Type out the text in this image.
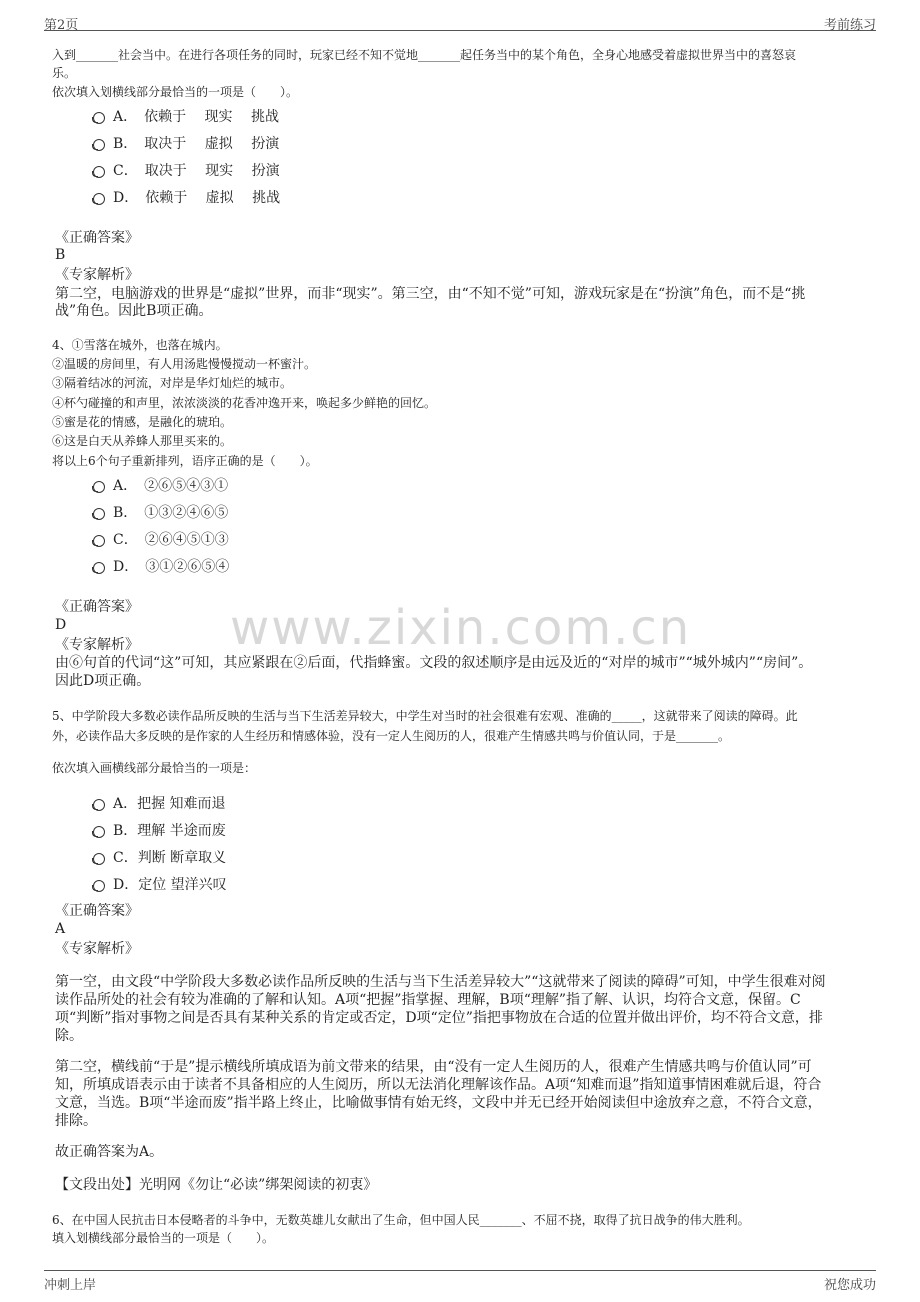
第2页	考前练习
www.zixin.com.cn
入到_______社会当中。在进行各项任务的同时，玩家已经不知不觉地_______起任务当中的某个角色，全身心地感受着虚拟世界当中的喜怒哀
乐。
依次填入划横线部分最恰当的一项是（　　）。
A．　依赖于　 现实　 挑战
B．　取决于　 虚拟　 扮演
C．　取决于　 现实　 扮演
D．　依赖于　 虚拟　 挑战
《正确答案》
B
《专家解析》
第二空，电脑游戏的世界是“虚拟”世界，而非“现实”。第三空，由“不知不觉”可知，游戏玩家是在“扮演”角色，而不是“挑
战”角色。因此B项正确。
4、①雪落在城外，也落在城内。
②温暖的房间里，有人用汤匙慢慢搅动一杯蜜汁。
③隔着结冰的河流，对岸是华灯灿烂的城市。
④杯勺碰撞的和声里，浓浓淡淡的花香冲逸开来，唤起多少鲜艳的回忆。
⑤蜜是花的情感，是融化的琥珀。
⑥这是白天从养蜂人那里买来的。
将以上6个句子重新排列，语序正确的是（　　）。
A．　②⑥⑤④③①
B．　①③②④⑥⑤
C．　②⑥④⑤①③
D．　③①②⑥⑤④
《正确答案》
D
《专家解析》
由⑥句首的代词“这”可知，其应紧跟在②后面，代指蜂蜜。文段的叙述顺序是由远及近的“对岸的城市”“城外城内”“房间”。
因此D项正确。
5、中学阶段大多数必读作品所反映的生活与当下生活差异较大，中学生对当时的社会很难有宏观、准确的_____，这就带来了阅读的障碍。此
外，必读作品大多反映的是作家的人生经历和情感体验，没有一定人生阅历的人，很难产生情感共鸣与价值认同，于是_______。
依次填入画横线部分最恰当的一项是：
A．把握 知难而退
B．理解 半途而废
C．判断 断章取义
D．定位 望洋兴叹
《正确答案》
A
《专家解析》
第一空，由文段“中学阶段大多数必读作品所反映的生活与当下生活差异较大”“这就带来了阅读的障碍”可知，中学生很难对阅
读作品所处的社会有较为准确的了解和认知。A项“把握”指掌握、理解，B项“理解”指了解、认识，均符合文意，保留。C
项“判断”指对事物之间是否具有某种关系的肯定或否定，D项“定位”指把事物放在合适的位置并做出评价，均不符合文意，排
除。
第二空，横线前“于是”提示横线所填成语为前文带来的结果，由“没有一定人生阅历的人，很难产生情感共鸣与价值认同”可
知，所填成语表示由于读者不具备相应的人生阅历，所以无法消化理解该作品。A项“知难而退”指知道事情困难就后退，符合
文意，当选。B项“半途而废”指半路上终止，比喻做事情有始无终，文段中并无已经开始阅读但中途放弃之意，不符合文意，
排除。
故正确答案为A。
【文段出处】光明网《勿让“必读”绑架阅读的初衷》
6、在中国人民抗击日本侵略者的斗争中，无数英雄儿女献出了生命，但中国人民_______、不屈不挠，取得了抗日战争的伟大胜利。
填入划横线部分最恰当的一项是（　　）。
冲刺上岸	祝您成功
